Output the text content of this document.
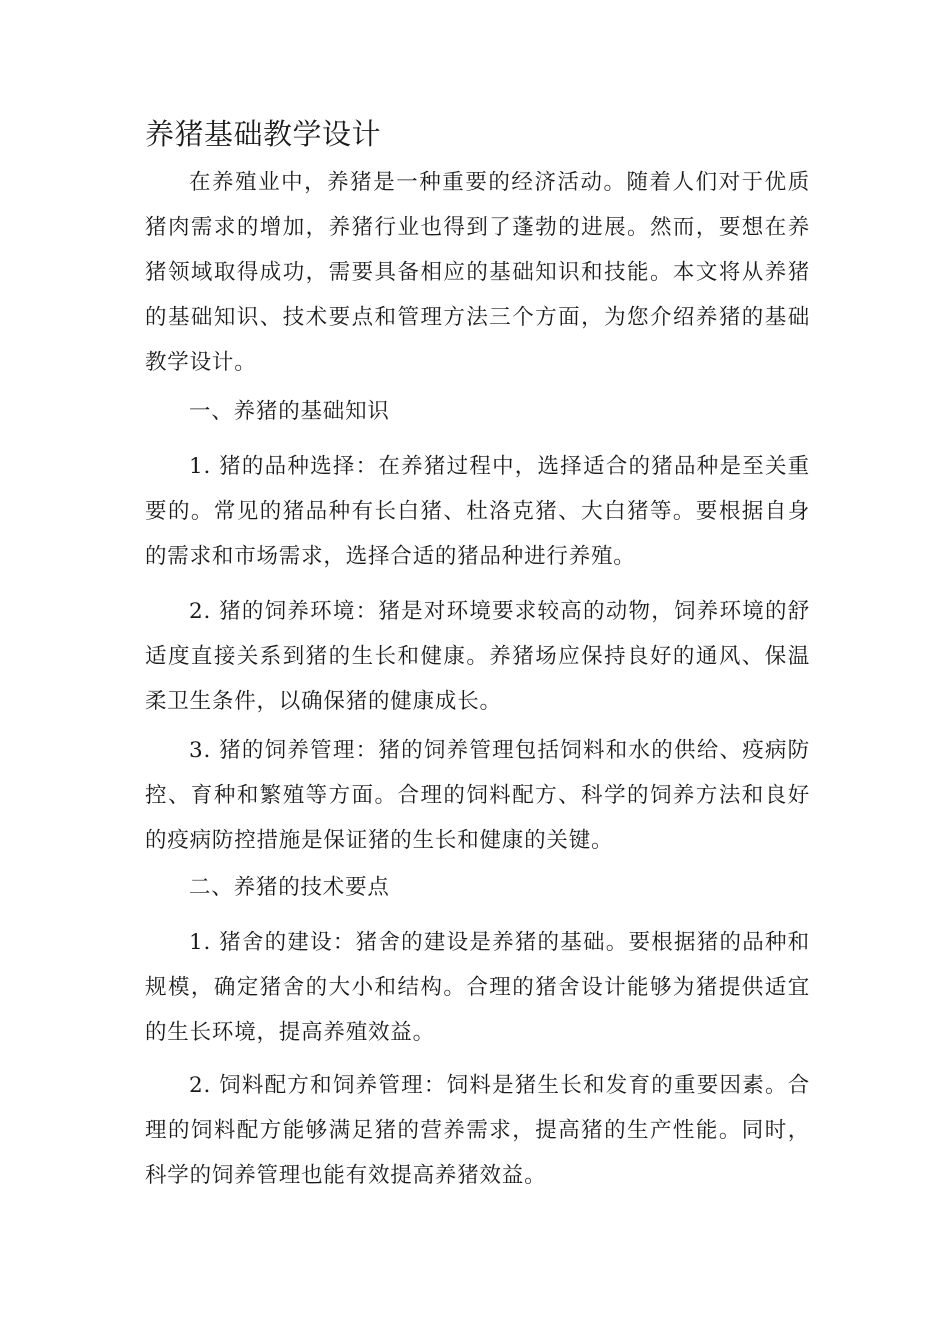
养猪基础教学设计

在养殖业中，养猪是一种重要的经济活动。随着人们对于优质猪肉需求的增加，养猪行业也得到了蓬勃的进展。然而，要想在养猪领域取得成功，需要具备相应的基础知识和技能。本文将从养猪的基础知识、技术要点和管理方法三个方面，为您介绍养猪的基础教学设计。

一、养猪的基础知识

1. 猪的品种选择：在养猪过程中，选择适合的猪品种是至关重要的。常见的猪品种有长白猪、杜洛克猪、大白猪等。要根据自身的需求和市场需求，选择合适的猪品种进行养殖。

2. 猪的饲养环境：猪是对环境要求较高的动物，饲养环境的舒适度直接关系到猪的生长和健康。养猪场应保持良好的通风、保温柔卫生条件，以确保猪的健康成长。

3. 猪的饲养管理：猪的饲养管理包括饲料和水的供给、疫病防控、育种和繁殖等方面。合理的饲料配方、科学的饲养方法和良好的疫病防控措施是保证猪的生长和健康的关键。

二、养猪的技术要点

1. 猪舍的建设：猪舍的建设是养猪的基础。要根据猪的品种和规模，确定猪舍的大小和结构。合理的猪舍设计能够为猪提供适宜的生长环境，提高养殖效益。

2. 饲料配方和饲养管理：饲料是猪生长和发育的重要因素。合理的饲料配方能够满足猪的营养需求，提高猪的生产性能。同时，科学的饲养管理也能有效提高养猪效益。
